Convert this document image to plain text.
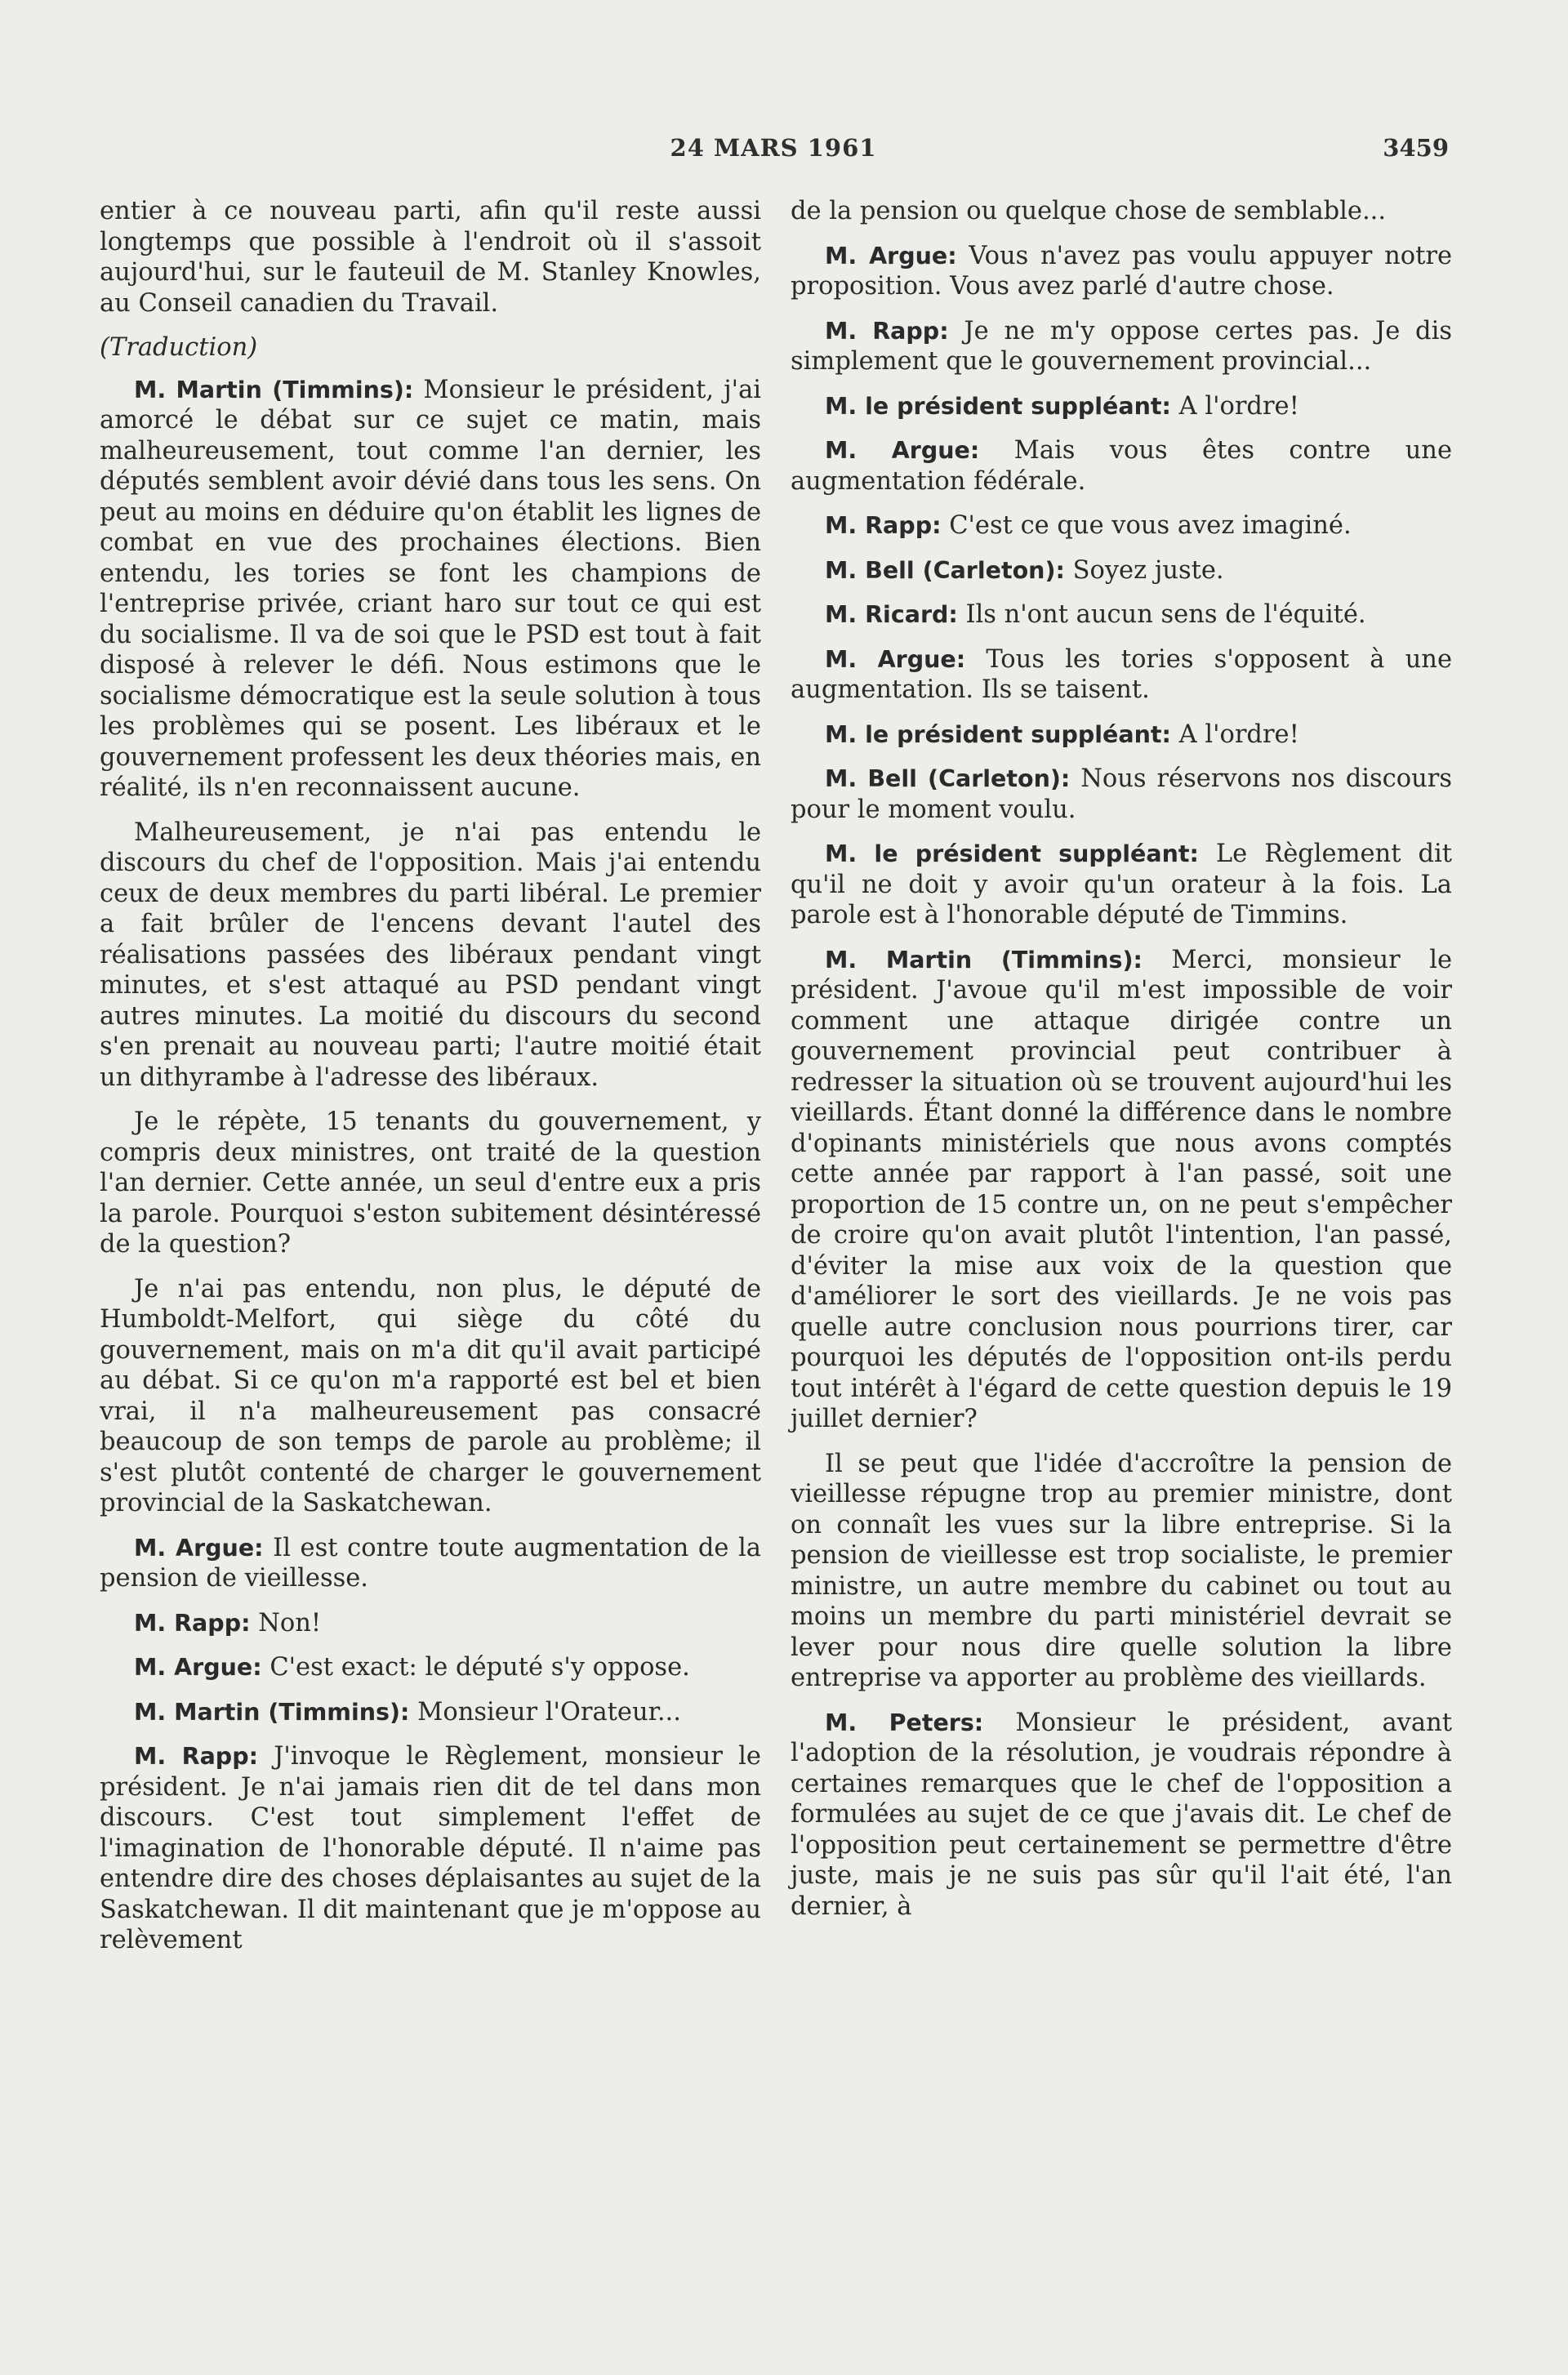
24 MARS 1961	3459

entier à ce nouveau parti, afin qu'il reste aussi longtemps que possible à l'endroit où il s'assoit aujourd'hui, sur le fauteuil de M. Stanley Knowles, au Conseil canadien du Travail.

(Traduction)

M. Martin (Timmins): Monsieur le président, j'ai amorcé le débat sur ce sujet ce matin, mais malheureusement, tout comme l'an dernier, les députés semblent avoir dévié dans tous les sens. On peut au moins en déduire qu'on établit les lignes de combat en vue des prochaines élections. Bien entendu, les tories se font les champions de l'entreprise privée, criant haro sur tout ce qui est du socialisme. Il va de soi que le PSD est tout à fait disposé à relever le défi. Nous estimons que le socialisme démocratique est la seule solution à tous les problèmes qui se posent. Les libéraux et le gouvernement professent les deux théories mais, en réalité, ils n'en reconnaissent aucune.

Malheureusement, je n'ai pas entendu le discours du chef de l'opposition. Mais j'ai entendu ceux de deux membres du parti libéral. Le premier a fait brûler de l'encens devant l'autel des réalisations passées des libéraux pendant vingt minutes, et s'est attaqué au PSD pendant vingt autres minutes. La moitié du discours du second s'en prenait au nouveau parti; l'autre moitié était un dithyrambe à l'adresse des libéraux.

Je le répète, 15 tenants du gouvernement, y compris deux ministres, ont traité de la question l'an dernier. Cette année, un seul d'entre eux a pris la parole. Pourquoi s'eston subitement désintéressé de la question?

Je n'ai pas entendu, non plus, le député de Humboldt-Melfort, qui siège du côté du gouvernement, mais on m'a dit qu'il avait participé au débat. Si ce qu'on m'a rapporté est bel et bien vrai, il n'a malheureusement pas consacré beaucoup de son temps de parole au problème; il s'est plutôt contenté de charger le gouvernement provincial de la Saskatchewan.

M. Argue: Il est contre toute augmentation de la pension de vieillesse.

M. Rapp: Non!

M. Argue: C'est exact: le député s'y oppose.

M. Martin (Timmins): Monsieur l'Orateur...

M. Rapp: J'invoque le Règlement, monsieur le président. Je n'ai jamais rien dit de tel dans mon discours. C'est tout simplement l'effet de l'imagination de l'honorable député. Il n'aime pas entendre dire des choses déplaisantes au sujet de la Saskatchewan. Il dit maintenant que je m'oppose au relèvement

de la pension ou quelque chose de semblable...

M. Argue: Vous n'avez pas voulu appuyer notre proposition. Vous avez parlé d'autre chose.

M. Rapp: Je ne m'y oppose certes pas. Je dis simplement que le gouvernement provincial...

M. le président suppléant: A l'ordre!

M. Argue: Mais vous êtes contre une augmentation fédérale.

M. Rapp: C'est ce que vous avez imaginé.

M. Bell (Carleton): Soyez juste.

M. Ricard: Ils n'ont aucun sens de l'équité.

M. Argue: Tous les tories s'opposent à une augmentation. Ils se taisent.

M. le président suppléant: A l'ordre!

M. Bell (Carleton): Nous réservons nos discours pour le moment voulu.

M. le président suppléant: Le Règlement dit qu'il ne doit y avoir qu'un orateur à la fois. La parole est à l'honorable député de Timmins.

M. Martin (Timmins): Merci, monsieur le président. J'avoue qu'il m'est impossible de voir comment une attaque dirigée contre un gouvernement provincial peut contribuer à redresser la situation où se trouvent aujourd'hui les vieillards. Étant donné la différence dans le nombre d'opinants ministériels que nous avons comptés cette année par rapport à l'an passé, soit une proportion de 15 contre un, on ne peut s'empêcher de croire qu'on avait plutôt l'intention, l'an passé, d'éviter la mise aux voix de la question que d'améliorer le sort des vieillards. Je ne vois pas quelle autre conclusion nous pourrions tirer, car pourquoi les députés de l'opposition ont-ils perdu tout intérêt à l'égard de cette question depuis le 19 juillet dernier?

Il se peut que l'idée d'accroître la pension de vieillesse répugne trop au premier ministre, dont on connaît les vues sur la libre entreprise. Si la pension de vieillesse est trop socialiste, le premier ministre, un autre membre du cabinet ou tout au moins un membre du parti ministériel devrait se lever pour nous dire quelle solution la libre entreprise va apporter au problème des vieillards.

M. Peters: Monsieur le président, avant l'adoption de la résolution, je voudrais répondre à certaines remarques que le chef de l'opposition a formulées au sujet de ce que j'avais dit. Le chef de l'opposition peut certainement se permettre d'être juste, mais je ne suis pas sûr qu'il l'ait été, l'an dernier, à
